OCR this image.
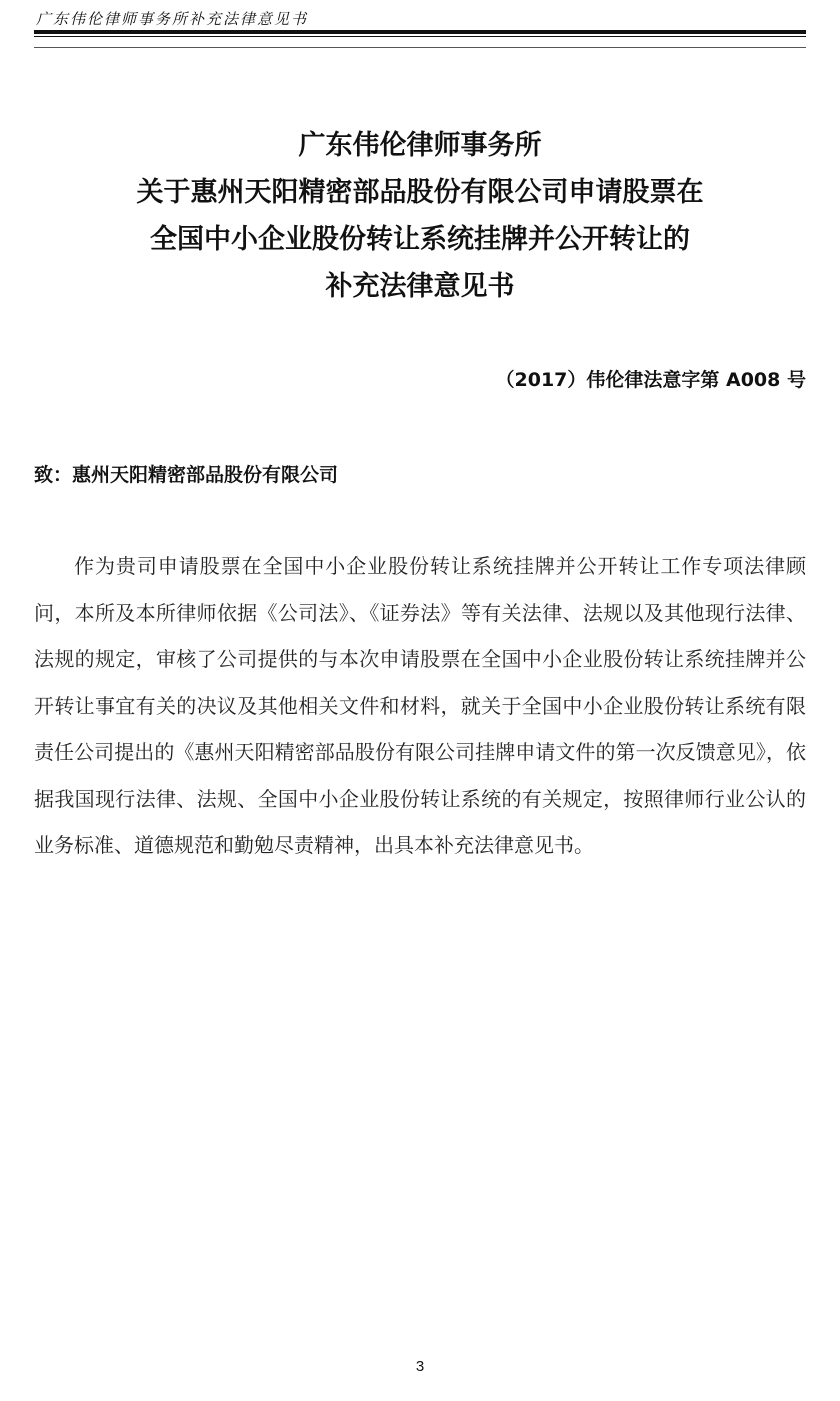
广东伟伦律师事务所补充法律意见书
广东伟伦律师事务所
关于惠州天阳精密部品股份有限公司申请股票在
全国中小企业股份转让系统挂牌并公开转让的
补充法律意见书
（2017）伟伦律法意字第 A008 号
致：惠州天阳精密部品股份有限公司

作为贵司申请股票在全国中小企业股份转让系统挂牌并公开转让工作专项法律顾问，本所及本所律师依据《公司法》、《证券法》等有关法律、法规以及其他现行法律、法规的规定，审核了公司提供的与本次申请股票在全国中小企业股份转让系统挂牌并公开转让事宜有关的决议及其他相关文件和材料，就关于全国中小企业股份转让系统有限责任公司提出的《惠州天阳精密部品股份有限公司挂牌申请文件的第一次反馈意见》，依据我国现行法律、法规、全国中小企业股份转让系统的有关规定，按照律师行业公认的业务标准、道德规范和勤勉尽责精神，出具本补充法律意见书。

3
